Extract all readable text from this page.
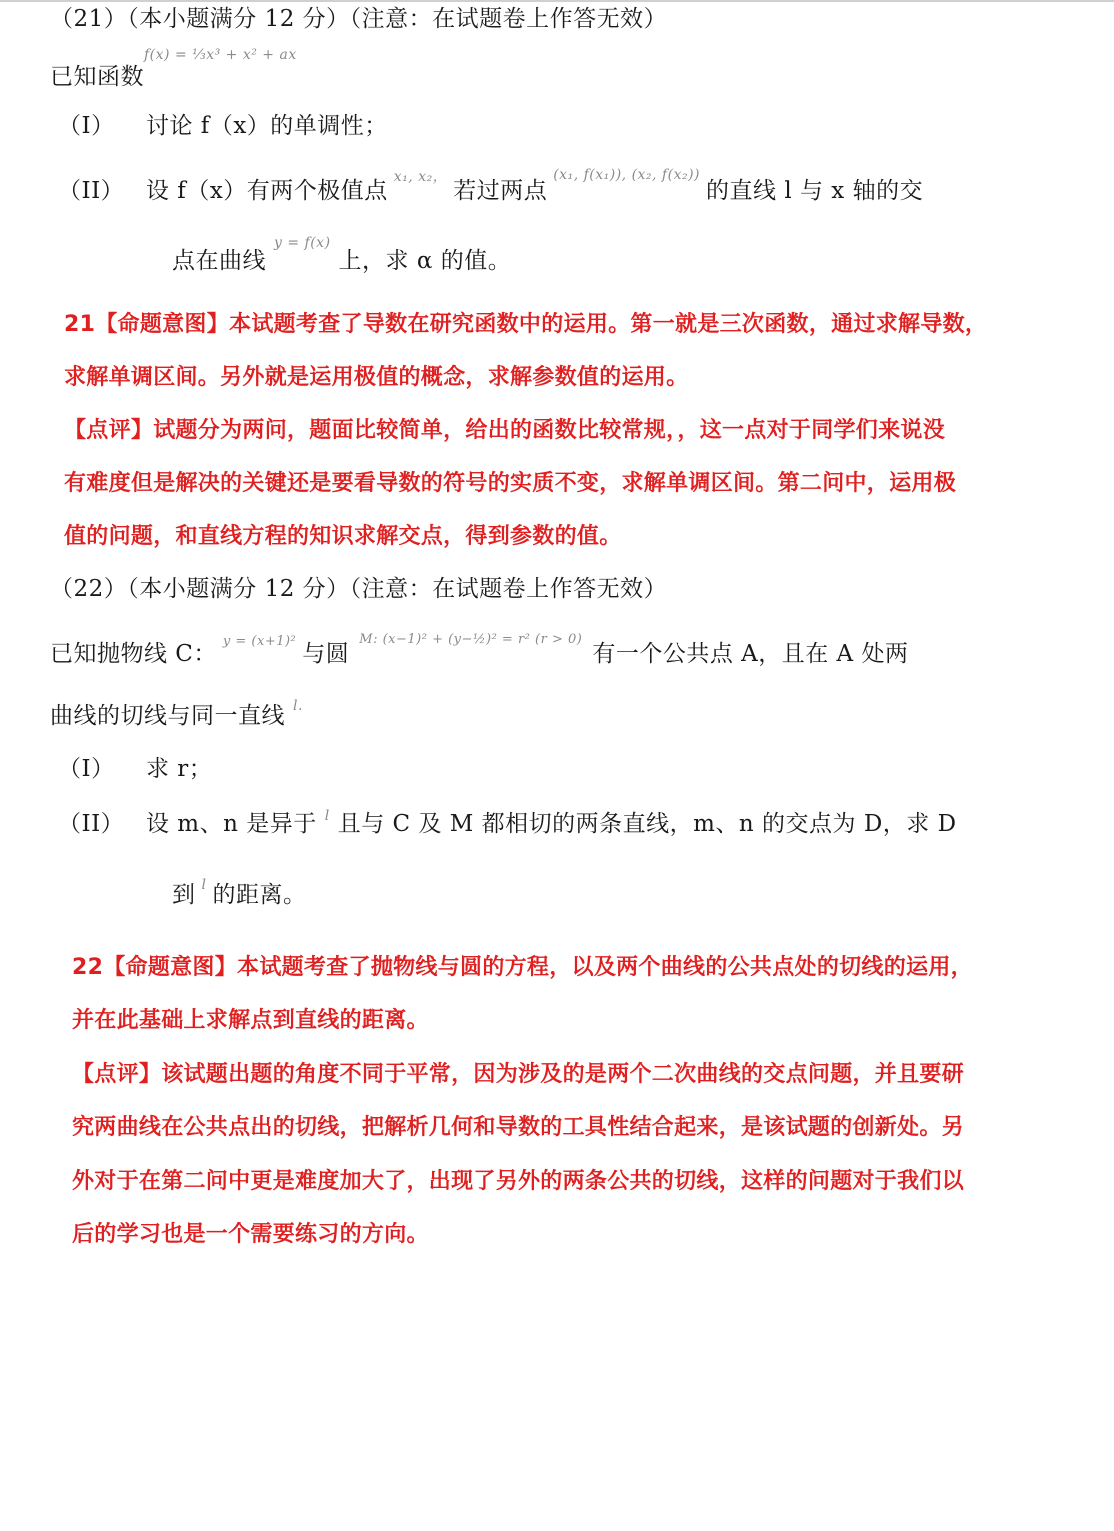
（21）（本小题满分 12 分）（注意：在试题卷上作答无效）
已知函数f(x) = ⅓x³ + x² + ax
（I） 讨论 f（x）的单调性；
（II） 设 f（x）有两个极值点x₁, x₂，若过两点(x₁, f(x₁)), (x₂, f(x₂))的直线 l 与 x 轴的交
点在曲线y = f(x)上，求 α 的值。
21【命题意图】本试题考查了导数在研究函数中的运用。第一就是三次函数，通过求解导数，
求解单调区间。另外就是运用极值的概念，求解参数值的运用。
【点评】试题分为两问，题面比较简单，给出的函数比较常规，，这一点对于同学们来说没
有难度但是解决的关键还是要看导数的符号的实质不变，求解单调区间。第二问中，运用极
值的问题，和直线方程的知识求解交点，得到参数的值。
（22）（本小题满分 12 分）（注意：在试题卷上作答无效）
已知抛物线 C： y = (x+1)² 与圆M: (x−1)² + (y−½)² = r² (r > 0)有一个公共点 A，且在 A 处两
曲线的切线与同一直线 l.
（I） 求 r；
（II） 设 m、n 是异于 l 且与 C 及 M 都相切的两条直线，m、n 的交点为 D，求 D
到 l 的距离。
22【命题意图】本试题考查了抛物线与圆的方程，以及两个曲线的公共点处的切线的运用，
并在此基础上求解点到直线的距离。
【点评】该试题出题的角度不同于平常，因为涉及的是两个二次曲线的交点问题，并且要研
究两曲线在公共点出的切线，把解析几何和导数的工具性结合起来，是该试题的创新处。另
外对于在第二问中更是难度加大了，出现了另外的两条公共的切线，这样的问题对于我们以
后的学习也是一个需要练习的方向。
